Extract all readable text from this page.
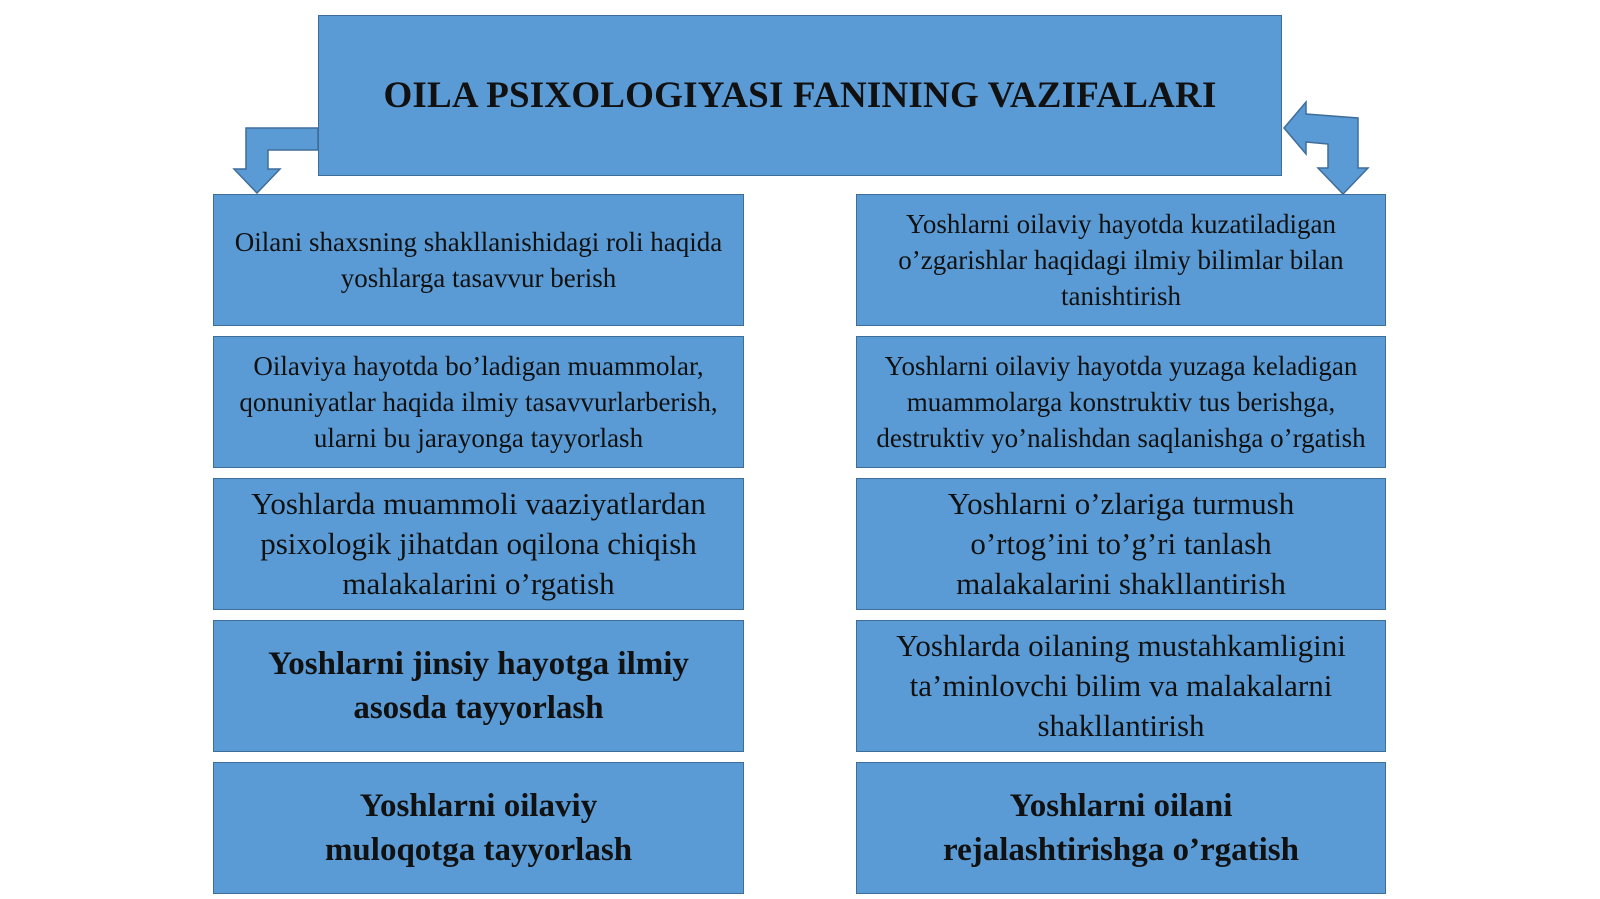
OILA PSIXOLOGIYASI FANINING VAZIFALARI
Oilani shaxsning shakllanishidagi roli haqida yoshlarga tasavvur berish
Oilaviya hayotda bo’ladigan muammolar, qonuniyatlar haqida ilmiy tasavvurlarberish, ularni bu jarayonga tayyorlash
Yoshlarda muammoli vaaziyatlardan psixologik jihatdan oqilona chiqish malakalarini o’rgatish
Yoshlarni jinsiy hayotga ilmiy asosda tayyorlash
Yoshlarni oilaviy muloqotga tayyorlash
Yoshlarni oilaviy hayotda kuzatiladigan o’zgarishlar haqidagi ilmiy bilimlar bilan tanishtirish
Yoshlarni oilaviy hayotda yuzaga keladigan muammolarga konstruktiv tus berishga, destruktiv yo’nalishdan saqlanishga o’rgatish
Yoshlarni o’zlariga turmush o’rtog’ini to’g’ri tanlash malakalarini shakllantirish
Yoshlarda oilaning mustahkamligini ta’minlovchi bilim va malakalarni shakllantirish
Yoshlarni oilani rejalashtirishga o’rgatish
